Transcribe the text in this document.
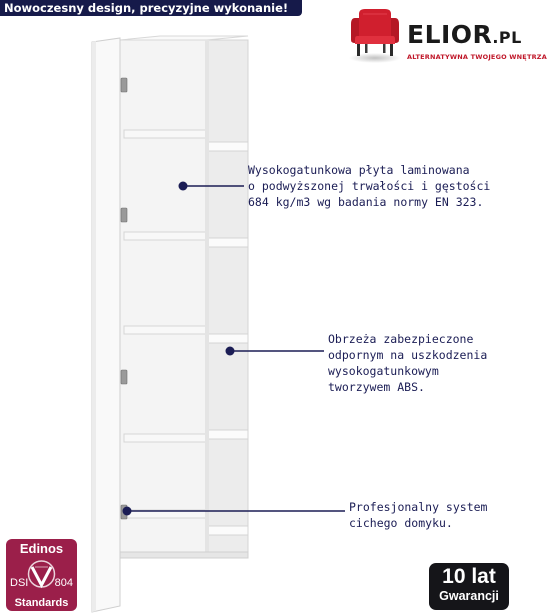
Nowoczesny design, precyzyjne wykonanie!
ELIOR.PL
ALTERNATYWNA TWOJEGO WNĘTRZA
Wysokogatunkowa płyta laminowana
o podwyższonej trwałości i gęstości
684 kg/m3 wg badania normy EN 323.
Obrzeża zabezpieczone
odpornym na uszkodzenia
wysokogatunkowym
tworzywem ABS.
Profesjonalny system
cichego domyku.
Edinos
DSI 804
Standards
10 lat
Gwarancji
